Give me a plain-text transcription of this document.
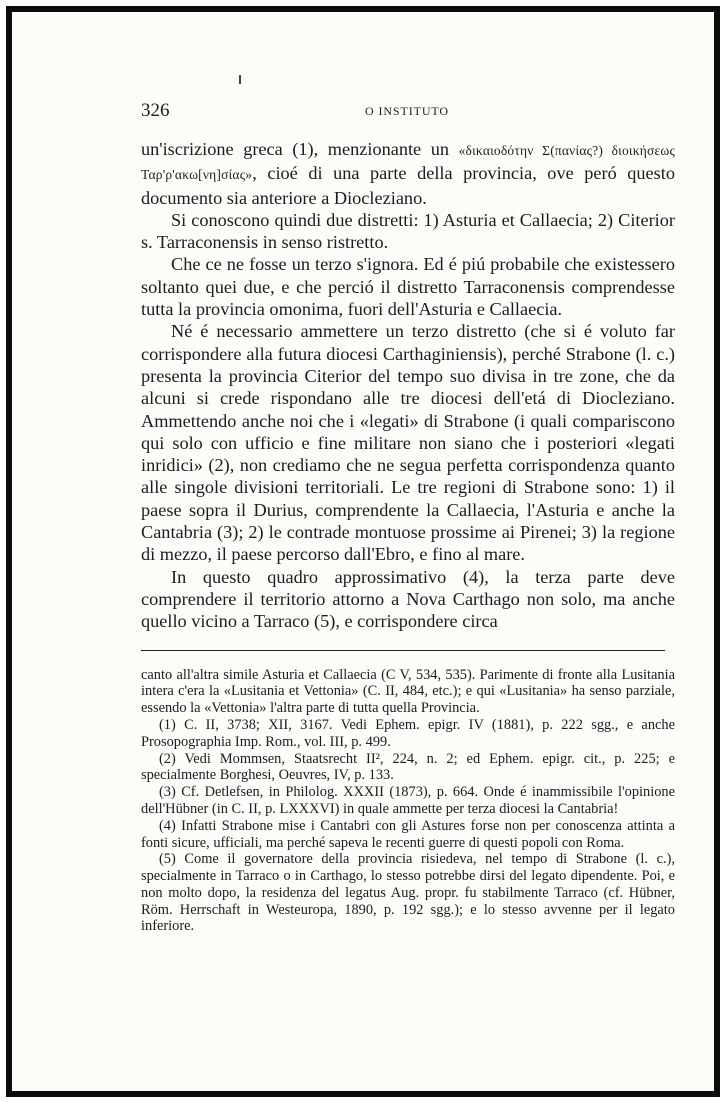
326	O INSTITUTO

un'iscrizione greca (1), menzionante un «δικαιοδότην Σ(πανίας?) διοικήσεως Ταρ'ρ'ακω[νη]σίας», cioé di una parte della provincia, ove peró questo documento sia anteriore a Diocleziano.

Si conoscono quindi due distretti: 1) Asturia et Callaecia; 2) Citerior s. Tarraconensis in senso ristretto.

Che ce ne fosse un terzo s'ignora. Ed é piú probabile che existessero soltanto quei due, e che perció il distretto Tarraconensis comprendesse tutta la provincia omonima, fuori dell'Asturia e Callaecia.

Né é necessario ammettere un terzo distretto (che si é voluto far corrispondere alla futura diocesi Carthaginiensis), perché Strabone (l. c.) presenta la provincia Citerior del tempo suo divisa in tre zone, che da alcuni si crede rispondano alle tre diocesi dell'etá di Diocleziano. Ammettendo anche noi che i «legati» di Strabone (i quali compariscono qui solo con ufficio e fine militare non siano che i posteriori «legati inridici» (2), non crediamo che ne segua perfetta corrispondenza quanto alle singole divisioni territoriali. Le tre regioni di Strabone sono: 1) il paese sopra il Durius, comprendente la Callaecia, l'Asturia e anche la Cantabria (3); 2) le contrade montuose prossime ai Pirenei; 3) la regione di mezzo, il paese percorso dall'Ebro, e fino al mare.

In questo quadro approssimativo (4), la terza parte deve comprendere il territorio attorno a Nova Carthago non solo, ma anche quello vicino a Tarraco (5), e corrispondere circa

canto all'altra simile Asturia et Callaecia (C V, 534, 535). Parimente di fronte alla Lusitania intera c'era la «Lusitania et Vettonia» (C. II, 484, etc.); e qui «Lusitania» ha senso parziale, essendo la «Vettonia» l'altra parte di tutta quella Provincia.

(1) C. II, 3738; XII, 3167. Vedi Ephem. epigr. IV (1881), p. 222 sgg., e anche Prosopographia Imp. Rom., vol. III, p. 499.

(2) Vedi Mommsen, Staatsrecht II², 224, n. 2; ed Ephem. epigr. cit., p. 225; e specialmente Borghesi, Oeuvres, IV, p. 133.

(3) Cf. Detlefsen, in Philolog. XXXII (1873), p. 664. Onde é inammissibile l'opinione dell'Hübner (in C. II, p. LXXXVI) in quale ammette per terza diocesi la Cantabria!

(4) Infatti Strabone mise i Cantabri con gli Astures forse non per conoscenza attinta a fonti sicure, ufficiali, ma perché sapeva le recenti guerre di questi popoli con Roma.

(5) Come il governatore della provincia risiedeva, nel tempo di Strabone (l. c.), specialmente in Tarraco o in Carthago, lo stesso potrebbe dirsi del legato dipendente. Poi, e non molto dopo, la residenza del legatus Aug. propr. fu stabilmente Tarraco (cf. Hübner, Röm. Herrschaft in Westeuropa, 1890, p. 192 sgg.); e lo stesso avvenne per il legato inferiore.
